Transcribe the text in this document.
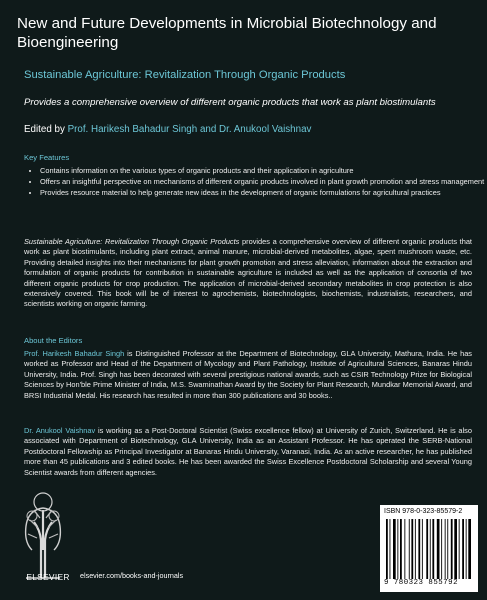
New and Future Developments in Microbial Biotechnology and Bioengineering
Sustainable Agriculture: Revitalization Through Organic Products
Provides a comprehensive overview of different organic products that work as plant biostimulants
Edited by Prof. Harikesh Bahadur Singh and Dr. Anukool Vaishnav
Key Features
• Contains information on the various types of organic products and their application in agriculture
• Offers an insightful perspective on mechanisms of different organic products involved in plant growth promotion and stress management
• Provides resource material to help generate new ideas in the development of organic formulations for agricultural practices

Sustainable Agriculture: Revitalization Through Organic Products provides a comprehensive overview of different organic products that work as plant biostimulants, including plant extract, animal manure, microbial-derived metabolites, algae, spent mushroom waste, etc. Providing detailed insights into their mechanisms for plant growth promotion and stress alleviation, information about the extraction and formulation of organic products for contribution in sustainable agriculture is included as well as the application of consortia of two different organic products for crop production. The application of microbial-derived secondary metabolites in crop protection is also extensively covered. This book will be of interest to agrochemists, biotechnologists, biochemists, industrialists, researchers, and scientists working on organic farming.

About the Editors

Prof. Harikesh Bahadur Singh is Distinguished Professor at the Department of Biotechnology, GLA University, Mathura, India. He has worked as Professor and Head of the Department of Mycology and Plant Pathology, Institute of Agricultural Sciences, Banaras Hindu University, India. Prof. Singh has been decorated with several prestigious national awards, such as CSIR Technology Prize for Biological Sciences by Hon'ble Prime Minister of India, M.S. Swaminathan Award by the Society for Plant Research, Mundkar Memorial Award, and BRSI Industrial Medal. His research has resulted in more than 300 publications and 30 books..

Dr. Anukool Vaishnav is working as a Post-Doctoral Scientist (Swiss excellence fellow) at University of Zurich, Switzerland. He is also associated with Department of Biotechnology, GLA University, India as an Assistant Professor. He has operated the SERB-National Postdoctoral Fellowship as Principal Investigator at Banaras Hindu University, Varanasi, India. As an active researcher, he has published more than 45 publications and 3 edited books. He has been awarded the Swiss Excellence Postdoctoral Scholarship and several Young Scientist awards from different agencies.

ELSEVIER	elsevier.com/books-and-journals
ISBN 978-0-323-85579-2
9 780323 855792
